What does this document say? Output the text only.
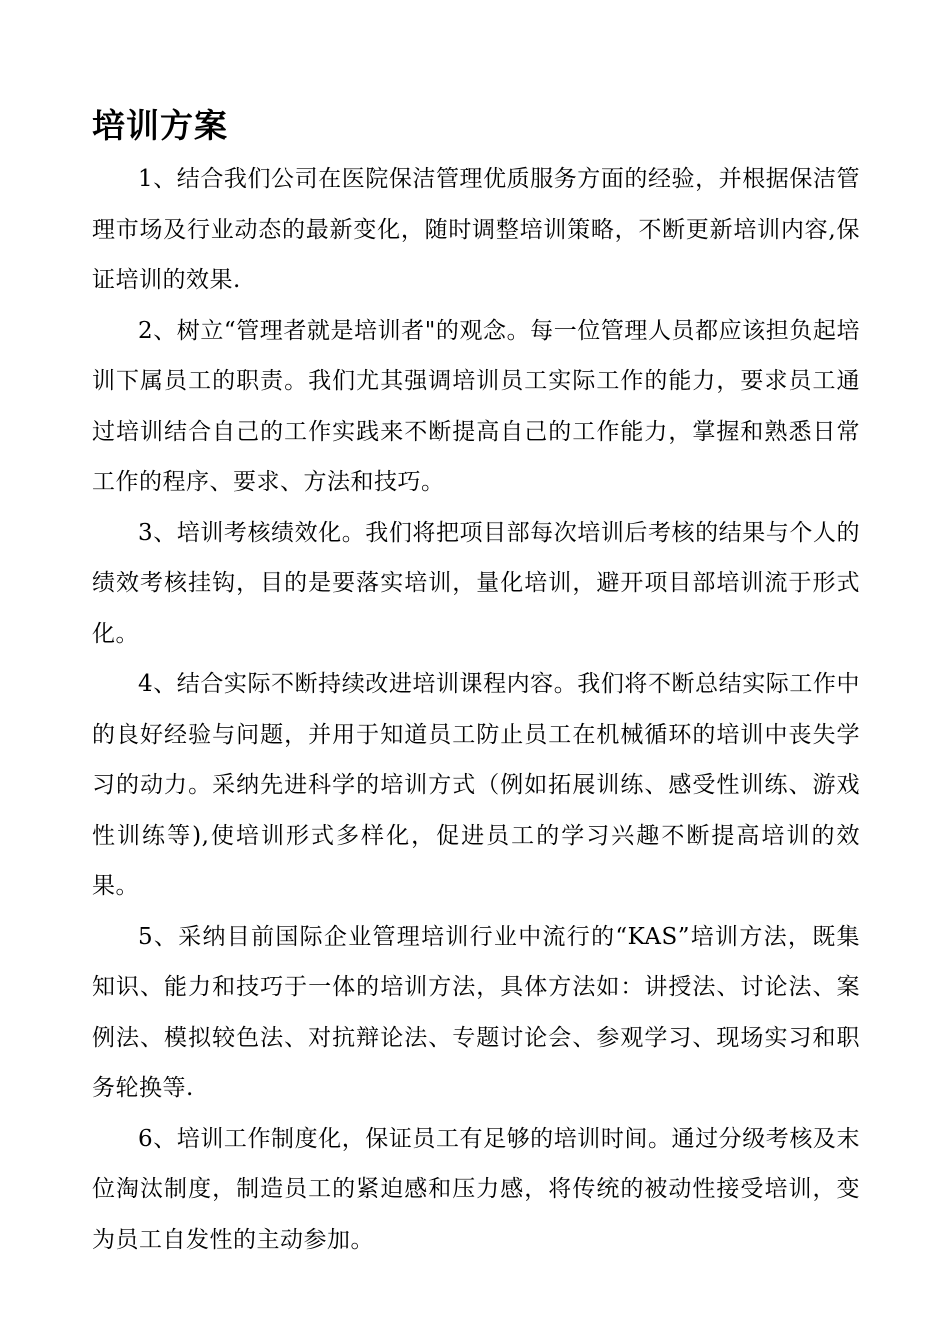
培训方案

1、结合我们公司在医院保洁管理优质服务方面的经验，并根据保洁管理市场及行业动态的最新变化，随时调整培训策略，不断更新培训内容,保证培训的效果.

2、树立“管理者就是培训者"的观念。每一位管理人员都应该担负起培训下属员工的职责。我们尤其强调培训员工实际工作的能力，要求员工通过培训结合自己的工作实践来不断提高自己的工作能力，掌握和熟悉日常工作的程序、要求、方法和技巧。

3、培训考核绩效化。我们将把项目部每次培训后考核的结果与个人的绩效考核挂钩，目的是要落实培训，量化培训，避开项目部培训流于形式化。

4、结合实际不断持续改进培训课程内容。我们将不断总结实际工作中的良好经验与问题，并用于知道员工防止员工在机械循环的培训中丧失学习的动力。采纳先进科学的培训方式（例如拓展训练、感受性训练、游戏性训练等),使培训形式多样化，促进员工的学习兴趣不断提高培训的效果。

5、采纳目前国际企业管理培训行业中流行的“KAS”培训方法，既集知识、能力和技巧于一体的培训方法，具体方法如：讲授法、讨论法、案例法、模拟较色法、对抗辩论法、专题讨论会、参观学习、现场实习和职务轮换等.

6、培训工作制度化，保证员工有足够的培训时间。通过分级考核及末位淘汰制度，制造员工的紧迫感和压力感，将传统的被动性接受培训，变为员工自发性的主动参加。
